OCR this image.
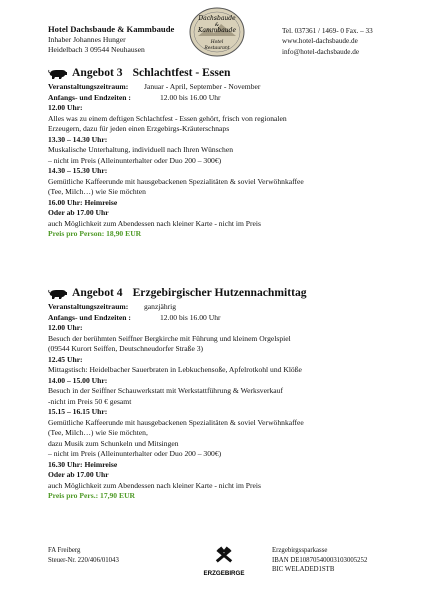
Hotel Dachsbaude & Kammbaude
Inhaber Johannes Hunger
Heidelbach 3 09544 Neuhausen
Dachsbaude
&
Kammbaude
Hotel
Restaurant
Tel. 037361 / 1469- 0 Fax. – 33
www.hotel-dachsbaude.de
info@hotel-dachsbaude.de
Angebot 3 Schlachtfest - Essen
Veranstaltungszeitraum: Januar - April, September - November
Anfangs- und Endzeiten :	12.00 bis 16.00 Uhr
12.00 Uhr:
Alles was zu einem deftigen Schlachtfest - Essen gehört, frisch von regionalen
Erzeugern, dazu für jeden einen Erzgebirgs-Kräuterschnaps
13.30 – 14.30 Uhr:
Muskalische Unterhaltung, individuell nach Ihren Wünschen
– nicht im Preis (Alleinunterhalter oder Duo 200 – 300€)
14.30 – 15.30 Uhr:
Gemütliche Kaffeerunde mit hausgebackenen Spezialitäten & soviel Verwöhnkaffee
(Tee, Milch…) wie Sie möchten
16.00 Uhr: Heimreise
Oder ab 17.00 Uhr
auch Möglichkeit zum Abendessen nach kleiner Karte - nicht im Preis
Preis pro Person: 18,90 EUR
Angebot 4 Erzgebirgischer Hutzennachmittag
Veranstaltungszeitraum: ganzjährig
Anfangs- und Endzeiten :	12.00 bis 16.00 Uhr
12.00 Uhr:
Besuch der berühmten Seiffner Bergkirche mit Führung und kleinem Orgelspiel
(09544 Kurort Seiffen, Deutschneudorfer Straße 3)
12.45 Uhr:
Mittagstisch: Heidelbacher Sauerbraten in Lebkuchensoße, Apfelrotkohl und Klöße
14.00 – 15.00 Uhr:
Besuch in der Seiffner Schauwerkstatt mit Werkstattführung & Werksverkauf
-nicht im Preis 50 € gesamt
15.15 – 16.15 Uhr:
Gemütliche Kaffeerunde mit hausgebackenen Spezialitäten & soviel Verwöhnkaffee
(Tee, Milch…) wie Sie möchten,
dazu Musik zum Schunkeln und Mitsingen
– nicht im Preis (Alleinunterhalter oder Duo 200 – 300€)
16.30 Uhr: Heimreise
Oder ab 17.00 Uhr
auch Möglichkeit zum Abendessen nach kleiner Karte - nicht im Preis
Preis pro Pers.: 17,90 EUR
FA Freiberg
Steuer-Nr. 220/406/01043
ERZGEBIRGE
Erzgebirgssparkasse
IBAN DE10870540003103005252
BIC WELADED1STB
